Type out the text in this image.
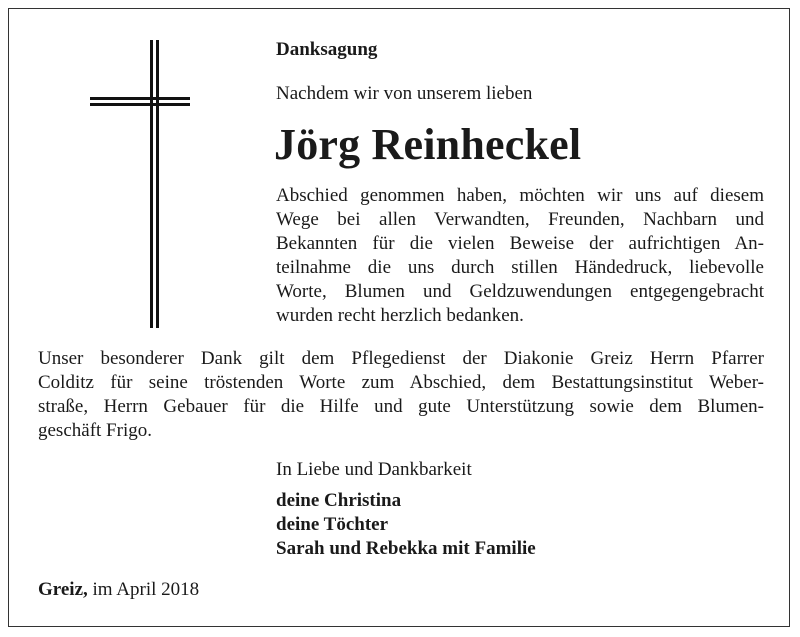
Danksagung
Nachdem wir von unserem lieben
Jörg Reinheckel
Abschied genommen haben, möchten wir uns auf diesem
Wege bei allen Verwandten, Freunden, Nachbarn und
Bekannten für die vielen Beweise der aufrichtigen An-
teilnahme die uns durch stillen Händedruck, liebevolle
Worte, Blumen und Geldzuwendungen entgegengebracht
wurden recht herzlich bedanken.
Unser besonderer Dank gilt dem Pflegedienst der Diakonie Greiz Herrn Pfarrer
Colditz für seine tröstenden Worte zum Abschied, dem Bestattungsinstitut Weber-
straße, Herrn Gebauer für die Hilfe und gute Unterstützung sowie dem Blumen-
geschäft Frigo.
In Liebe und Dankbarkeit
deine Christina
deine Töchter
Sarah und Rebekka mit Familie
Greiz, im April 2018
